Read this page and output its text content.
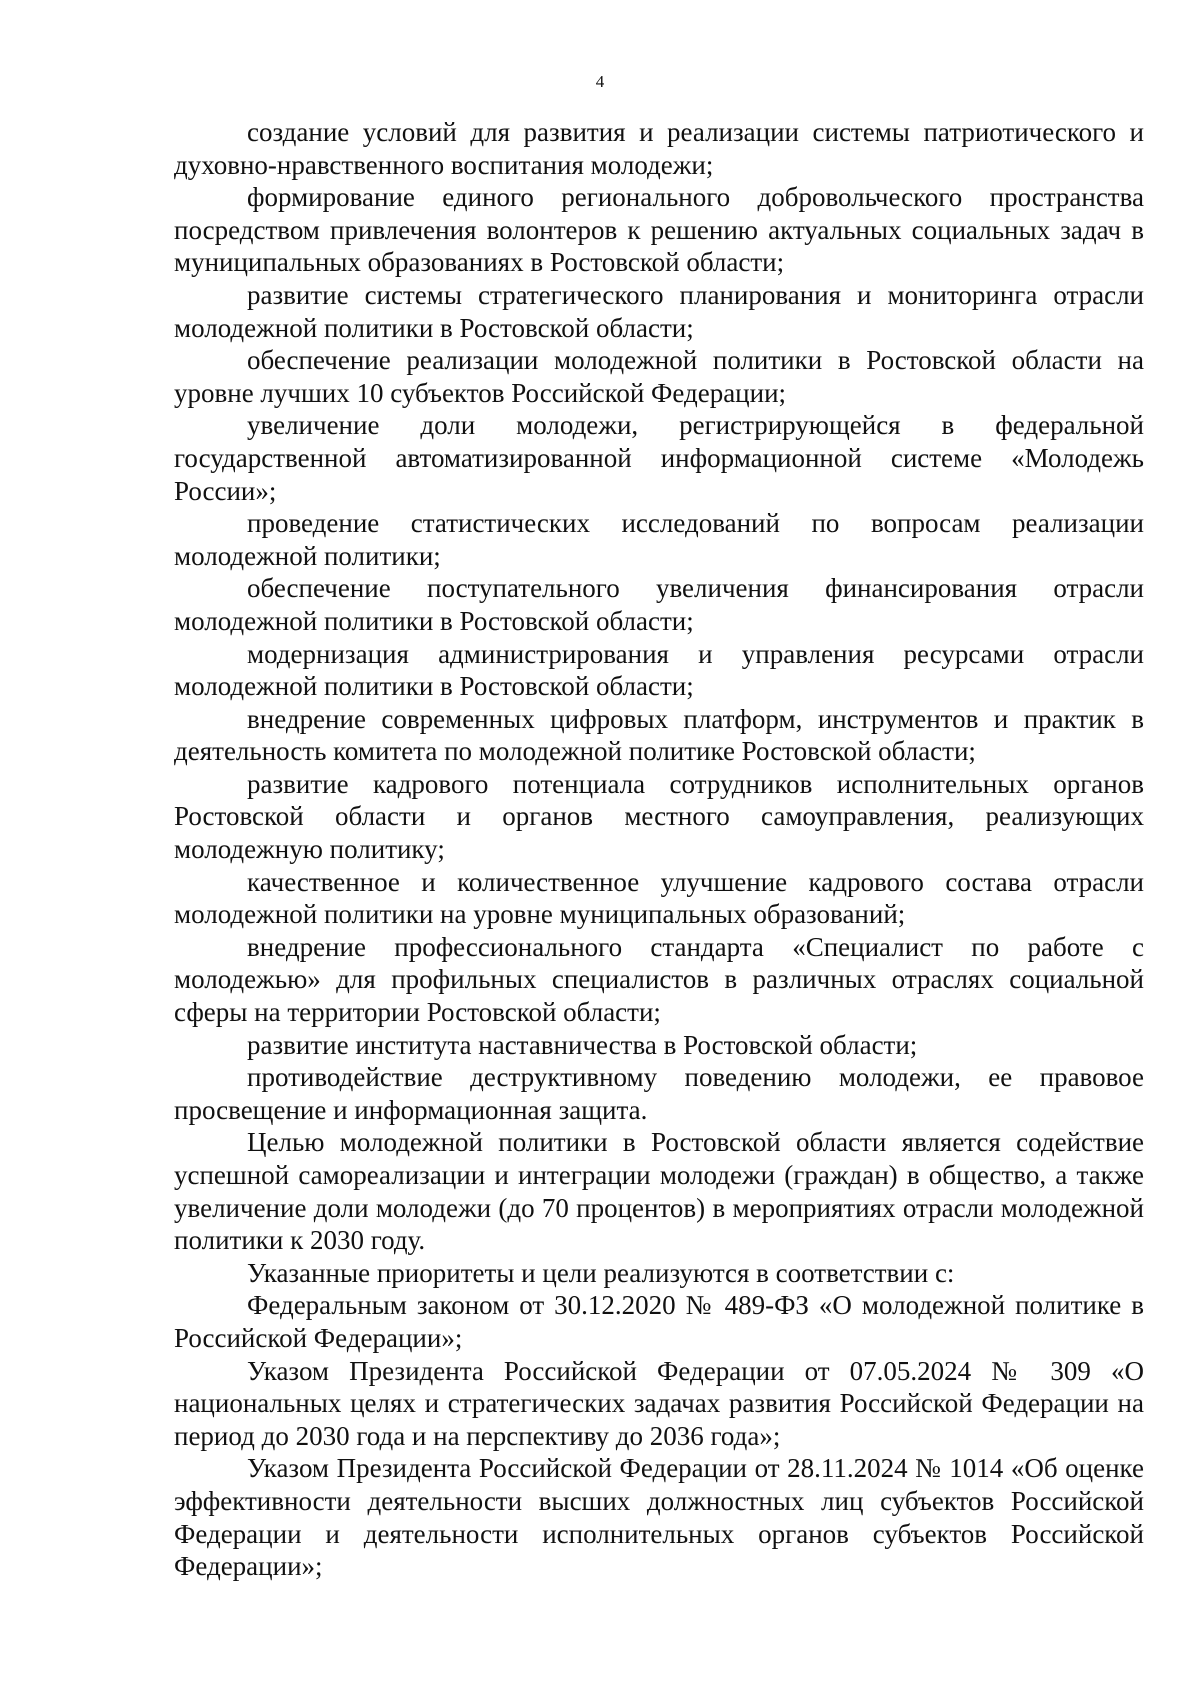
4

создание условий для развития и реализации системы патриотического и духовно-нравственного воспитания молодежи;

формирование единого регионального добровольческого пространства посредством привлечения волонтеров к решению актуальных социальных задач в муниципальных образованиях в Ростовской области;

развитие системы стратегического планирования и мониторинга отрасли молодежной политики в Ростовской области;

обеспечение реализации молодежной политики в Ростовской области на уровне лучших 10 субъектов Российской Федерации;

увеличение доли молодежи, регистрирующейся в федеральной государственной автоматизированной информационной системе «Молодежь России»;

проведение статистических исследований по вопросам реализации молодежной политики;

обеспечение поступательного увеличения финансирования отрасли молодежной политики в Ростовской области;

модернизация администрирования и управления ресурсами отрасли молодежной политики в Ростовской области;

внедрение современных цифровых платформ, инструментов и практик в деятельность комитета по молодежной политике Ростовской области;

развитие кадрового потенциала сотрудников исполнительных органов Ростовской области и органов местного самоуправления, реализующих молодежную политику;

качественное и количественное улучшение кадрового состава отрасли молодежной политики на уровне муниципальных образований;

внедрение профессионального стандарта «Специалист по работе с молодежью» для профильных специалистов в различных отраслях социальной сферы на территории Ростовской области;

развитие института наставничества в Ростовской области;

противодействие деструктивному поведению молодежи, ее правовое просвещение и информационная защита.

Целью молодежной политики в Ростовской области является содействие успешной самореализации и интеграции молодежи (граждан) в общество, а также увеличение доли молодежи (до 70 процентов) в мероприятиях отрасли молодежной политики к 2030 году.

Указанные приоритеты и цели реализуются в соответствии с:

Федеральным законом от 30.12.2020 № 489-ФЗ «О молодежной политике в Российской Федерации»;

Указом Президента Российской Федерации от 07.05.2024 № 309 «О национальных целях и стратегических задачах развития Российской Федерации на период до 2030 года и на перспективу до 2036 года»;

Указом Президента Российской Федерации от 28.11.2024 № 1014 «Об оценке эффективности деятельности высших должностных лиц субъектов Российской Федерации и деятельности исполнительных органов субъектов Российской Федерации»;
